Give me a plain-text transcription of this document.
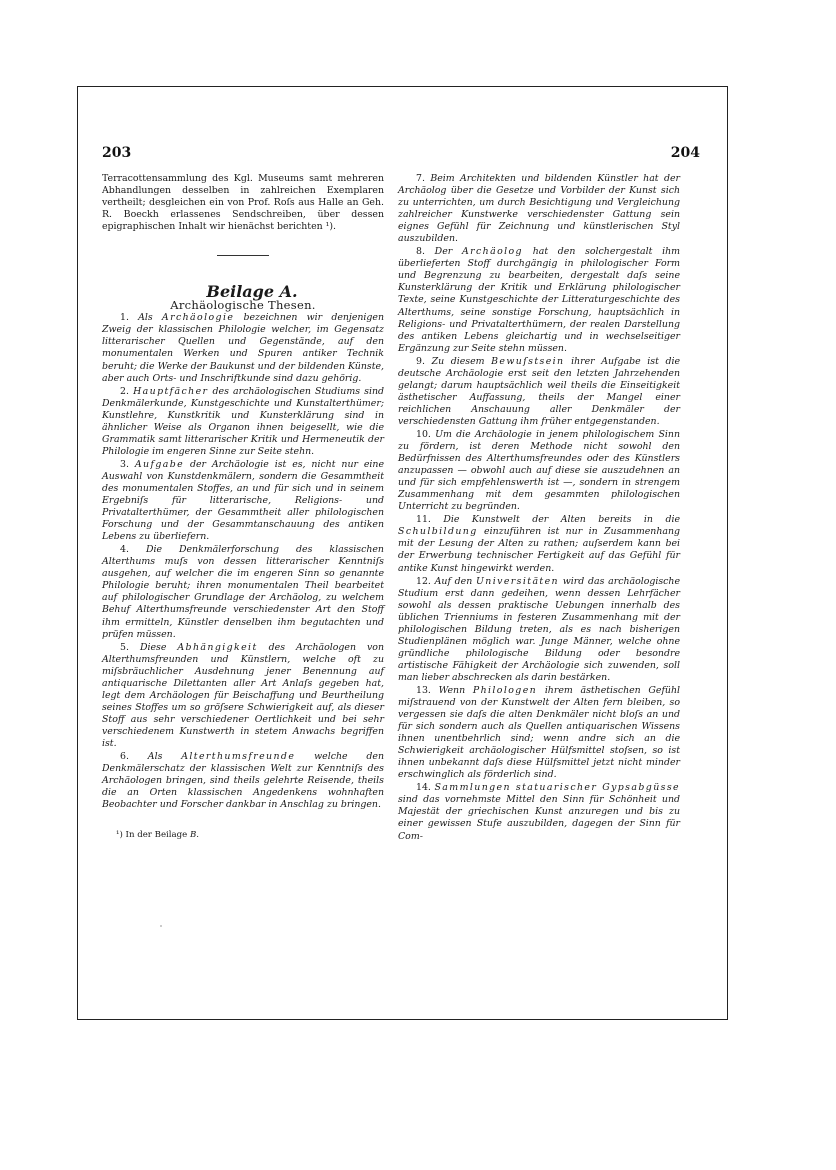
203	204

Terracottensammlung des Kgl. Museums samt mehreren Abhandlungen desselben in zahlreichen Exemplaren vertheilt; desgleichen ein von Prof. Roſs aus Halle an Geh. R. Boeckh erlassenes Sendschreiben, über dessen epigraphischen Inhalt wir hienächst berichten ¹).

Beilage A.

Archäologische Thesen.

1. Als Archäologie bezeichnen wir denjenigen Zweig der klassischen Philologie welcher, im Gegensatz litterarischer Quellen und Gegenstände, auf den monumentalen Werken und Spuren antiker Technik beruht; die Werke der Baukunst und der bildenden Künste, aber auch Orts- und Inschriftkunde sind dazu gehörig.

2. Hauptfächer des archäologischen Studiums sind Denkmälerkunde, Kunstgeschichte und Kunstalterthümer; Kunstlehre, Kunstkritik und Kunsterklärung sind in ähnlicher Weise als Organon ihnen beigesellt, wie die Grammatik samt litterarischer Kritik und Hermeneutik der Philologie im engeren Sinne zur Seite stehn.

3. Aufgabe der Archäologie ist es, nicht nur eine Auswahl von Kunstdenkmälern, sondern die Gesammtheit des monumentalen Stoffes, an und für sich und in seinem Ergebniſs für litterarische, Religions- und Privatalterthümer, der Gesammtheit aller philologischen Forschung und der Gesammtanschauung des antiken Lebens zu überliefern.

4. Die Denkmälerforschung des klassischen Alterthums muſs von dessen litterarischer Kenntniſs ausgehen, auf welcher die im engeren Sinn so genannte Philologie beruht; ihren monumentalen Theil bearbeitet auf philologischer Grundlage der Archäolog, zu welchem Behuf Alterthumsfreunde verschiedenster Art den Stoff ihm ermitteln, Künstler denselben ihm begutachten und prüfen müssen.

5. Diese Abhängigkeit des Archäologen von Alterthumsfreunden und Künstlern, welche oft zu miſsbräuchlicher Ausdehnung jener Benennung auf antiquarische Dilettanten aller Art Anlaſs gegeben hat, legt dem Archäologen für Beischaffung und Beurtheilung seines Stoffes um so gröſsere Schwierigkeit auf, als dieser Stoff aus sehr verschiedener Oertlichkeit und bei sehr verschiedenem Kunstwerth in stetem Anwachs begriffen ist.

6. Als Alterthumsfreunde welche den Denkmälerschatz der klassischen Welt zur Kenntniſs des Archäologen bringen, sind theils gelehrte Reisende, theils die an Orten klassischen Angedenkens wohnhaften Beobachter und Forscher dankbar in Anschlag zu bringen.

¹) In der Beilage B.

7. Beim Architekten und bildenden Künstler hat der Archäolog über die Gesetze und Vorbilder der Kunst sich zu unterrichten, um durch Besichtigung und Vergleichung zahlreicher Kunstwerke verschiedenster Gattung sein eignes Gefühl für Zeichnung und künstlerischen Styl auszubilden.

8. Der Archäolog hat den solchergestalt ihm überlieferten Stoff durchgängig in philologischer Form und Begrenzung zu bearbeiten, dergestalt daſs seine Kunsterklärung der Kritik und Erklärung philologischer Texte, seine Kunstgeschichte der Litteraturgeschichte des Alterthums, seine sonstige Forschung, hauptsächlich in Religions- und Privatalterthümern, der realen Darstellung des antiken Lebens gleichartig und in wechselseitiger Ergänzung zur Seite stehn müssen.

9. Zu diesem Bewuſstsein ihrer Aufgabe ist die deutsche Archäologie erst seit den letzten Jahrzehenden gelangt; darum hauptsächlich weil theils die Einseitigkeit ästhetischer Auffassung, theils der Mangel einer reichlichen Anschauung aller Denkmäler der verschiedensten Gattung ihm früher entgegenstanden.

10. Um die Archäologie in jenem philologischem Sinn zu fördern, ist deren Methode nicht sowohl den Bedürfnissen des Alterthumsfreundes oder des Künstlers anzupassen — obwohl auch auf diese sie auszudehnen an und für sich empfehlenswerth ist —, sondern in strengem Zusammenhang mit dem gesammten philologischen Unterricht zu begründen.

11. Die Kunstwelt der Alten bereits in die Schulbildung einzuführen ist nur in Zusammenhang mit der Lesung der Alten zu rathen; auſserdem kann bei der Erwerbung technischer Fertigkeit auf das Gefühl für antike Kunst hingewirkt werden.

12. Auf den Universitäten wird das archäologische Studium erst dann gedeihen, wenn dessen Lehrfächer sowohl als dessen praktische Uebungen innerhalb des üblichen Trienniums in festeren Zusammenhang mit der philologischen Bildung treten, als es nach bisherigen Studienplänen möglich war. Junge Männer, welche ohne gründliche philologische Bildung oder besondre artistische Fähigkeit der Archäologie sich zuwenden, soll man lieber abschrecken als darin bestärken.

13. Wenn Philologen ihrem ästhetischen Gefühl miſstrauend von der Kunstwelt der Alten fern bleiben, so vergessen sie daſs die alten Denkmäler nicht bloſs an und für sich sondern auch als Quellen antiquarischen Wissens ihnen unentbehrlich sind; wenn andre sich an die Schwierigkeit archäologischer Hülfsmittel stoſsen, so ist ihnen unbekannt daſs diese Hülfsmittel jetzt nicht minder erschwinglich als förderlich sind.

14. Sammlungen statuarischer Gypsabgüsse sind das vornehmste Mittel den Sinn für Schönheit und Majestät der griechischen Kunst anzuregen und bis zu einer gewissen Stufe auszubilden, dagegen der Sinn für Com-
